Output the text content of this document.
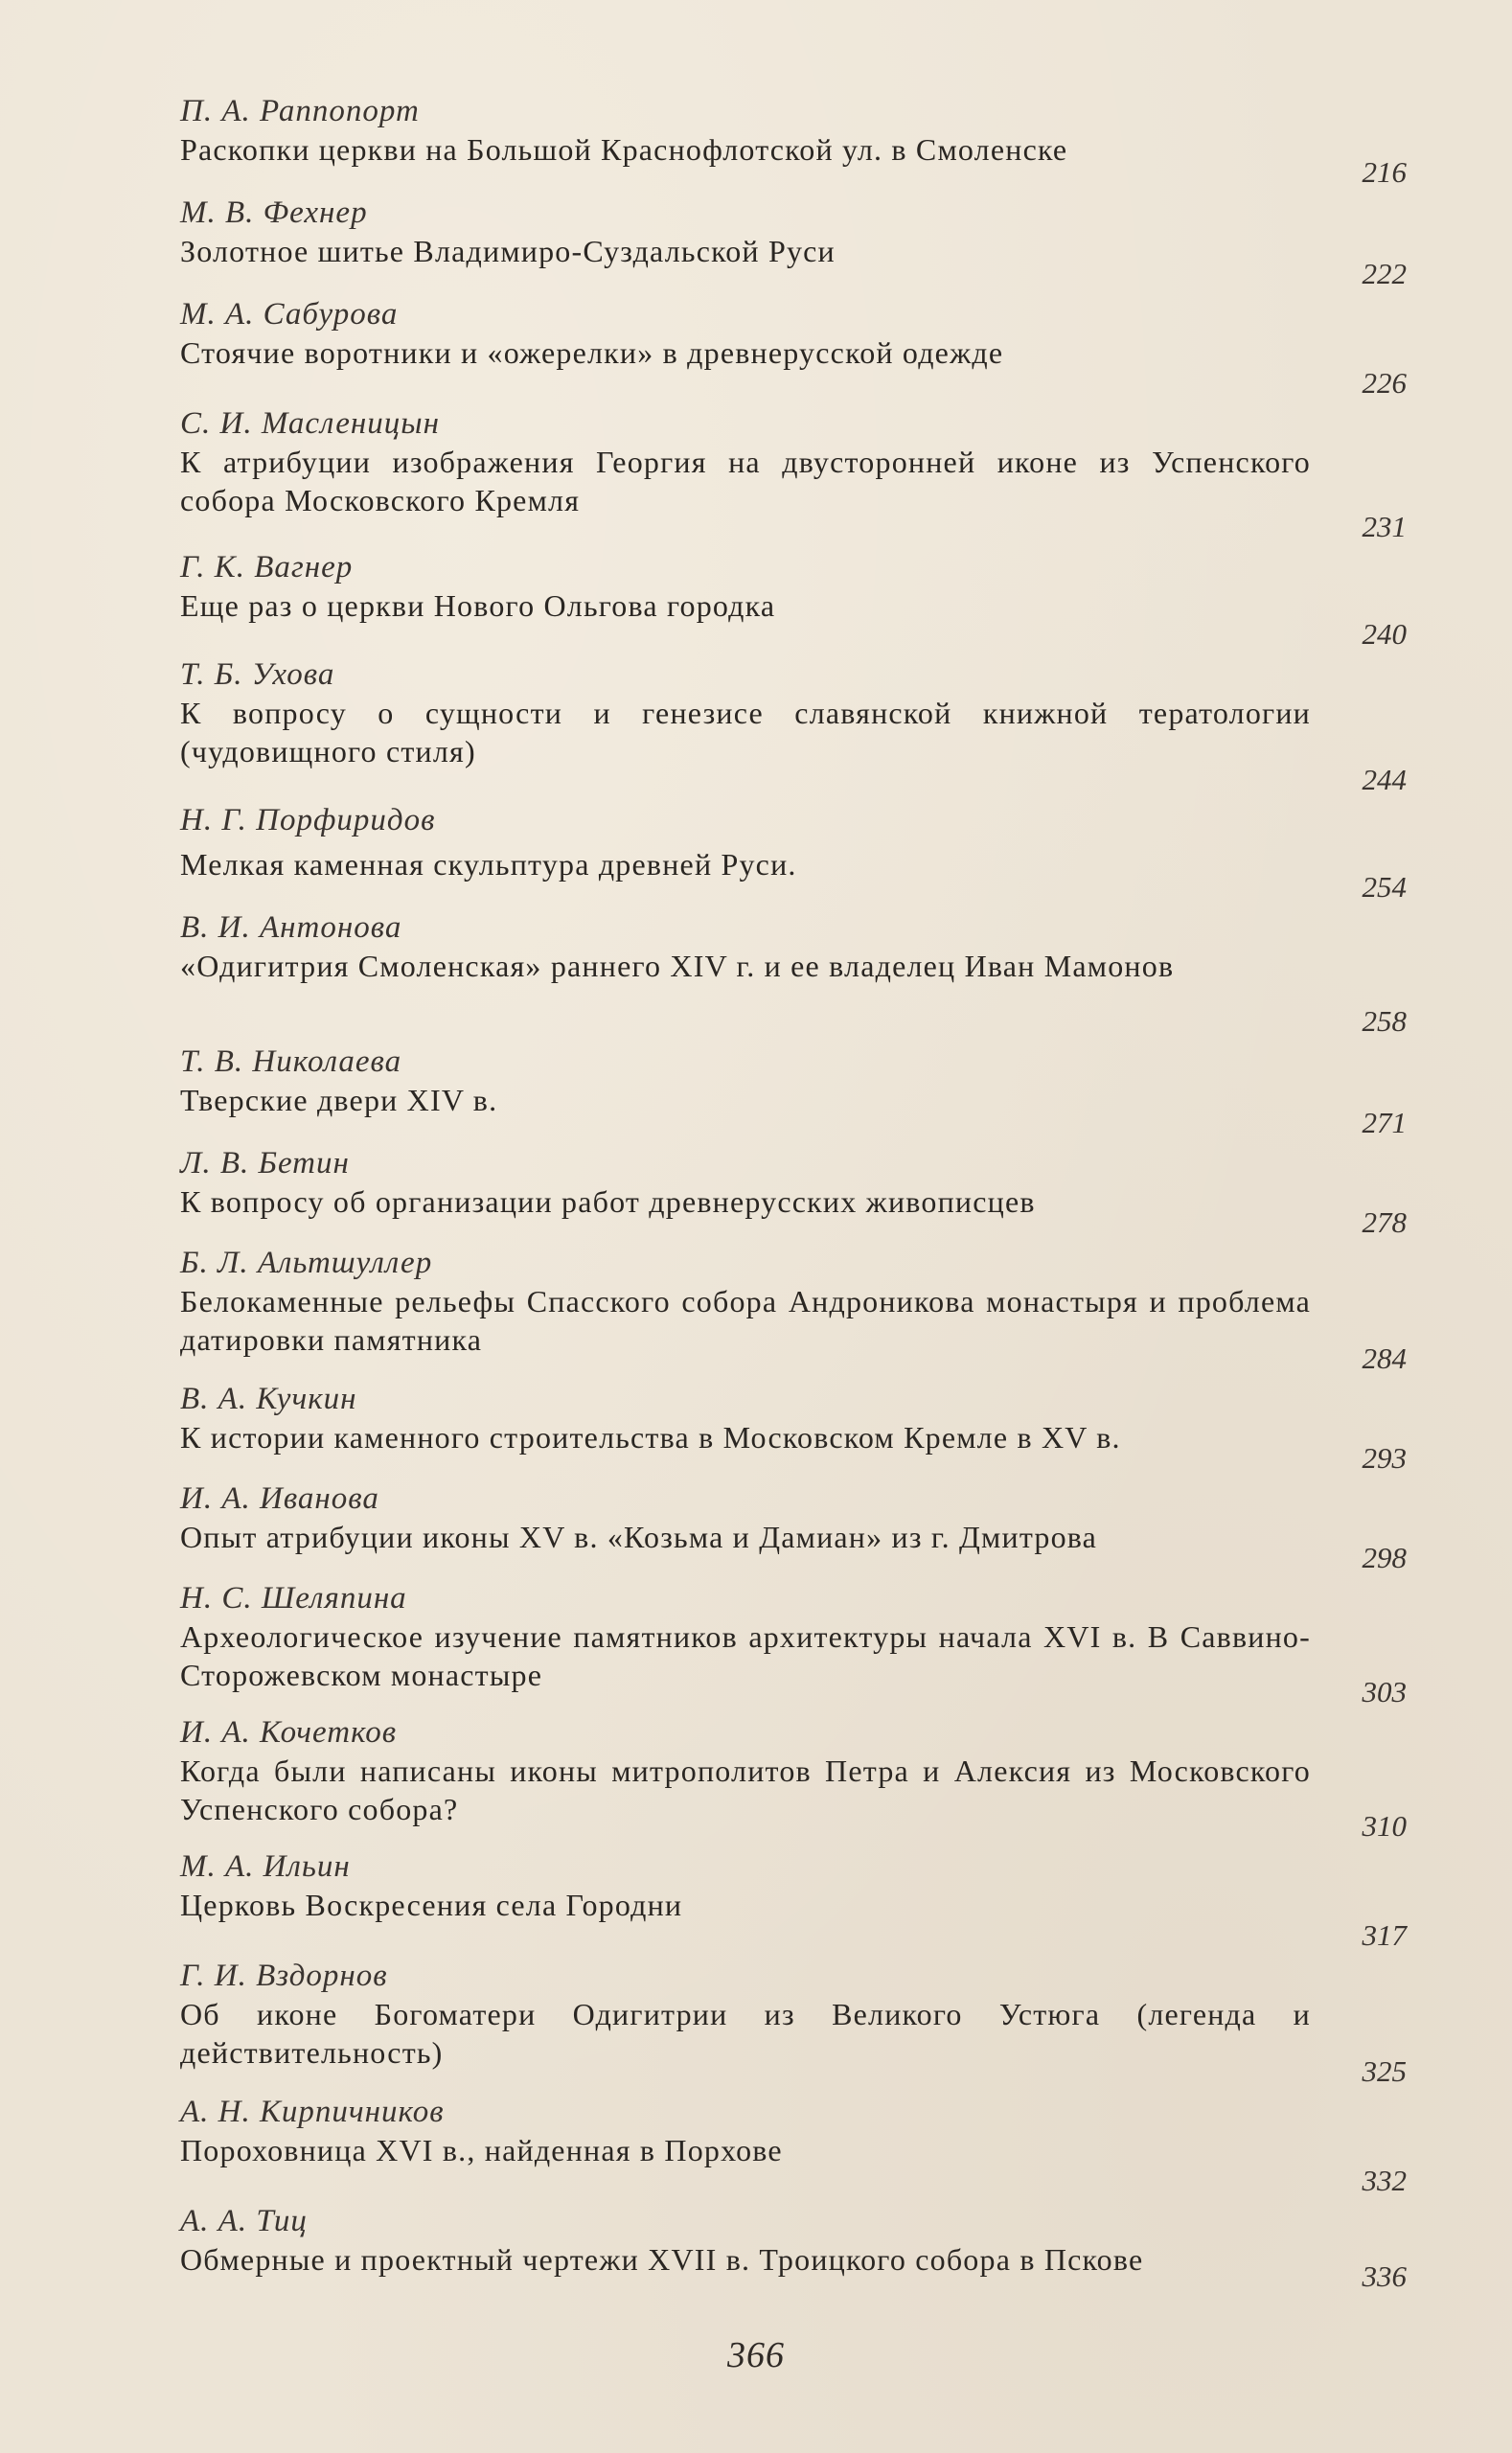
П. А. Раппопорт
Раскопки церкви на Большой Краснофлотской ул. в Смоленске
216
М. В. Фехнер
Золотное шитье Владимиро-Суздальской Руси
222
М. А. Сабурова
Стоячие воротники и «ожерелки» в древнерусской одежде
226
С. И. Масленицын
К атрибуции изображения Георгия на двусторонней иконе из Успенского собора Московского Кремля
231
Г. К. Вагнер
Еще раз о церкви Нового Ольгова городка
240
Т. Б. Ухова
К вопросу о сущности и генезисе славянской книжной тератологии (чудовищного стиля)
244
Н. Г. Порфиридов
Мелкая каменная скульптура древней Руси.
254
В. И. Антонова
«Одигитрия Смоленская» раннего XIV г. и ее владелец Иван Мамонов
258
Т. В. Николаева
Тверские двери XIV в.
271
Л. В. Бетин
К вопросу об организации работ древнерусских живописцев
278
Б. Л. Альтшуллер
Белокаменные рельефы Спасского собора Андроникова монастыря и проблема датировки памятника
284
В. А. Кучкин
К истории каменного строительства в Московском Кремле в XV в.
293
И. А. Иванова
Опыт атрибуции иконы XV в. «Козьма и Дамиан» из г. Дмитрова
298
Н. С. Шеляпина
Археологическое изучение памятников архитектуры начала XVI в. В Саввино-Сторожевском монастыре	303
И. А. Кочетков
Когда были написаны иконы митрополитов Петра и Алексия из Московского Успенского собора?	310
М. А. Ильин
Церковь Воскресения села Городни
317
Г. И. Вздорнов
Об иконе Богоматери Одигитрии из Великого Устюга (легенда и действительность)
325
А. Н. Кирпичников
Пороховница XVI в., найденная в Порхове
332
А. А. Тиц
Обмерные и проектный чертежи XVII в. Троицкого собора в Пскове	336
366
